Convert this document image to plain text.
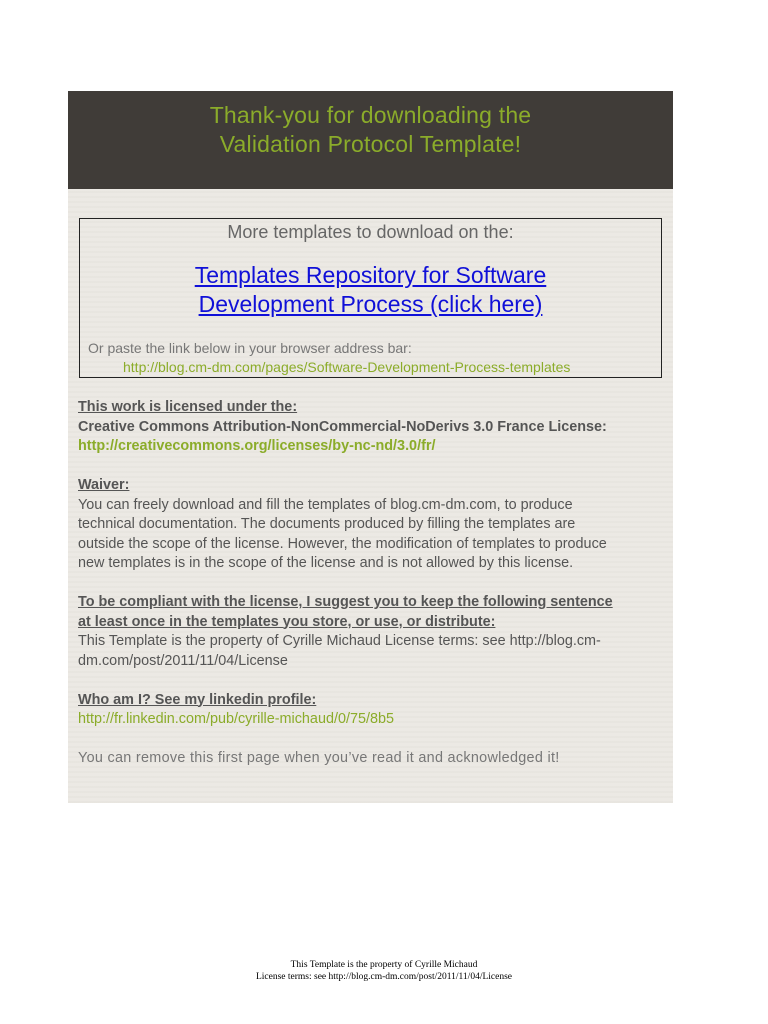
Thank-you for downloading the
Validation Protocol Template!
More templates to download on the:
Templates Repository for Software
Development Process (click here)
Or paste the link below in your browser address bar:
http://blog.cm-dm.com/pages/Software-Development-Process-templates

This work is licensed under the:

Creative Commons Attribution-NonCommercial-NoDerivs 3.0 France License:

http://creativecommons.org/licenses/by-nc-nd/3.0/fr/

Waiver:

You can freely download and fill the templates of blog.cm-dm.com, to produce

technical documentation. The documents produced by filling the templates are

outside the scope of the license. However, the modification of templates to produce

new templates is in the scope of the license and is not allowed by this license.

To be compliant with the license, I suggest you to keep the following sentence

at least once in the templates you store, or use, or distribute:

This Template is the property of Cyrille Michaud License terms: see http://blog.cm-

dm.com/post/2011/11/04/License

Who am I? See my linkedin profile:

http://fr.linkedin.com/pub/cyrille-michaud/0/75/8b5

You can remove this first page when you’ve read it and acknowledged it!

This Template is the property of Cyrille Michaud
License terms: see http://blog.cm-dm.com/post/2011/11/04/License
